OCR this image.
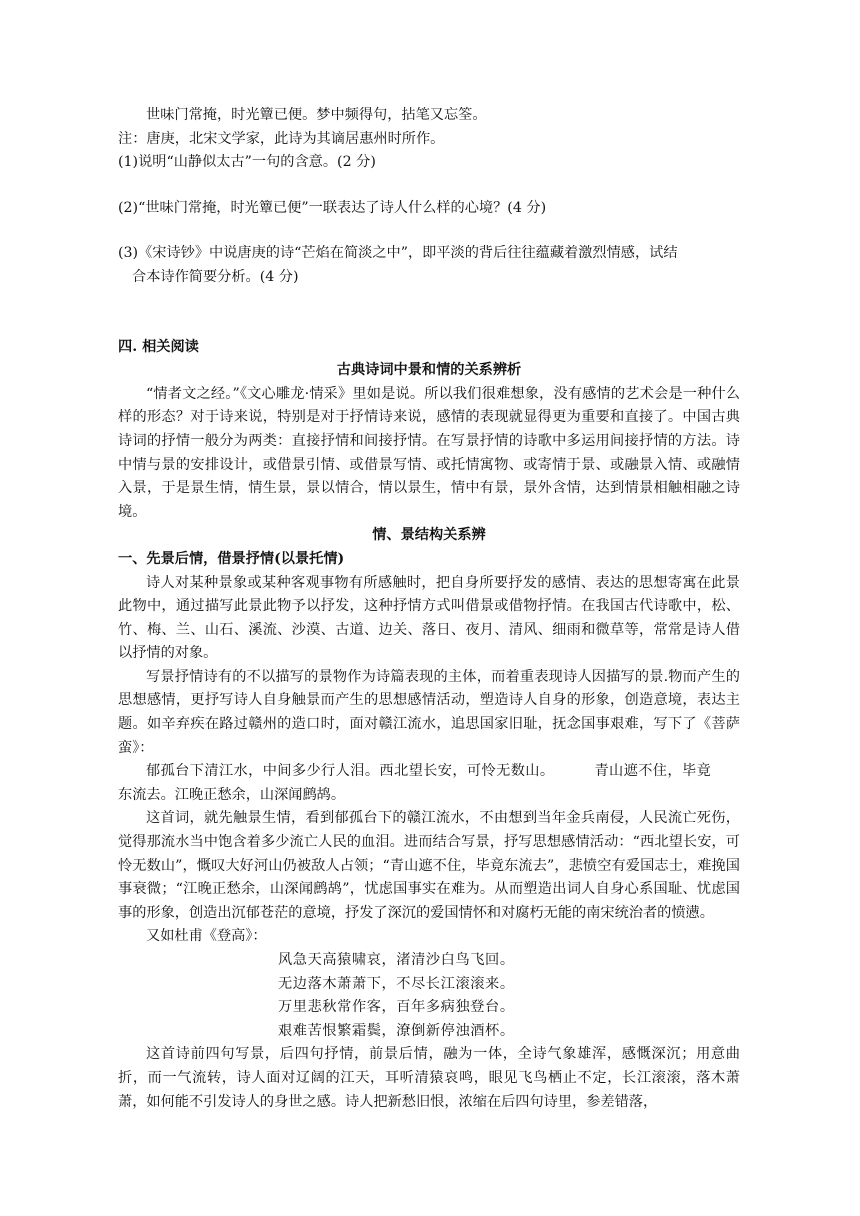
世味门常掩，时光簟已便。梦中频得句，拈笔又忘筌。

注：唐庚，北宋文学家，此诗为其谪居惠州时所作。

(1)说明“山静似太古”一句的含意。(2 分)

(2)“世味门常掩，时光簟已便”一联表达了诗人什么样的心境？(4 分)

(3)《宋诗钞》中说唐庚的诗“芒焰在简淡之中”，即平淡的背后往往蕴藏着激烈情感，试结
合本诗作简要分析。(4 分)

四. 相关阅读

古典诗词中景和情的关系辨析

“情者文之经。”《文心雕龙·情采》里如是说。所以我们很难想象，没有感情的艺术会是一种什么样的形态？对于诗来说，特别是对于抒情诗来说，感情的表现就显得更为重要和直接了。中国古典诗词的抒情一般分为两类：直接抒情和间接抒情。在写景抒情的诗歌中多运用间接抒情的方法。诗中情与景的安排设计，或借景引情、或借景写情、或托情寓物、或寄情于景、或融景入情、或融情入景，于是景生情，情生景，景以情合，情以景生，情中有景，景外含情，达到情景相触相融之诗境。

情、景结构关系辨

一、先景后情，借景抒情(以景托情)

诗人对某种景象或某种客观事物有所感触时，把自身所要抒发的感情、表达的思想寄寓在此景此物中，通过描写此景此物予以抒发，这种抒情方式叫借景或借物抒情。在我国古代诗歌中，松、竹、梅、兰、山石、溪流、沙漠、古道、边关、落日、夜月、清风、细雨和微草等，常常是诗人借以抒情的对象。

写景抒情诗有的不以描写的景物作为诗篇表现的主体，而着重表现诗人因描写的景.物而产生的思想感情，更抒写诗人自身触景而产生的思想感情活动，塑造诗人自身的形象，创造意境，表达主题。如辛弃疾在路过赣州的造口时，面对赣江流水，追思国家旧耻，抚念国事艰难，写下了《菩萨蛮》：

郁孤台下清江水，中间多少行人泪。西北望长安，可怜无数山。	青山遮不住，毕竟

东流去。江晚正愁余，山深闻鹧鸪。

这首词，就先触景生情，看到郁孤台下的赣江流水，不由想到当年金兵南侵，人民流亡死伤，觉得那流水当中饱含着多少流亡人民的血泪。进而结合写景，抒写思想感情活动：“西北望长安，可怜无数山”，慨叹大好河山仍被敌人占领；“青山遮不住，毕竟东流去”，悲愤空有爱国志士，难挽国事衰微；“江晚正愁余，山深闻鹧鸪”，忧虑国事实在难为。从而塑造出词人自身心系国耻、忧虑国事的形象，创造出沉郁苍茫的意境，抒发了深沉的爱国情怀和对腐朽无能的南宋统治者的愤懑。

又如杜甫《登高》：

风急天高猿啸哀，渚清沙白鸟飞回。

无边落木萧萧下，不尽长江滚滚来。

万里悲秋常作客，百年多病独登台。

艰难苦恨繁霜鬓，潦倒新停浊酒杯。

这首诗前四句写景，后四句抒情，前景后情，融为一体，全诗气象雄浑，感慨深沉；用意曲折，而一气流转，诗人面对辽阔的江天，耳听清猿哀鸣，眼见飞鸟栖止不定，长江滚滚，落木萧萧，如何能不引发诗人的身世之感。诗人把新愁旧恨，浓缩在后四句诗里，参差错落，
